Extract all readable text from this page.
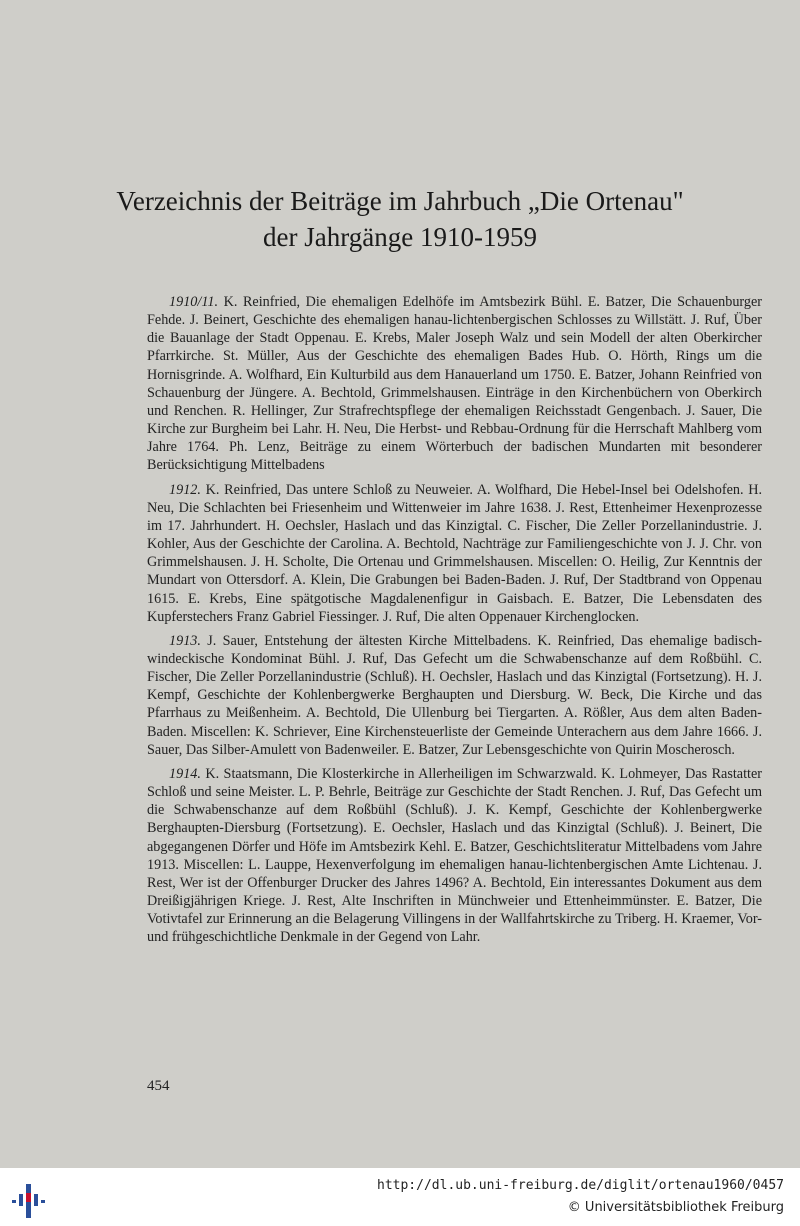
Verzeichnis der Beiträge im Jahrbuch „Die Ortenau"
der Jahrgänge 1910-1959

1910/11. K. Reinfried, Die ehemaligen Edelhöfe im Amtsbezirk Bühl. E. Batzer, Die Schauenburger Fehde. J. Beinert, Geschichte des ehemaligen hanau-lichtenbergischen Schlosses zu Willstätt. J. Ruf, Über die Bauanlage der Stadt Oppenau. E. Krebs, Maler Joseph Walz und sein Modell der alten Oberkircher Pfarrkirche. St. Müller, Aus der Geschichte des ehemaligen Bades Hub. O. Hörth, Rings um die Hornisgrinde. A. Wolfhard, Ein Kulturbild aus dem Hanauerland um 1750. E. Batzer, Johann Reinfried von Schauenburg der Jüngere. A. Bechtold, Grimmelshausen. Einträge in den Kirchenbüchern von Oberkirch und Renchen. R. Hellinger, Zur Strafrechtspflege der ehemaligen Reichsstadt Gengenbach. J. Sauer, Die Kirche zur Burgheim bei Lahr. H. Neu, Die Herbst- und Rebbau-Ordnung für die Herrschaft Mahlberg vom Jahre 1764. Ph. Lenz, Beiträge zu einem Wörterbuch der badischen Mundarten mit besonderer Berücksichtigung Mittelbadens

1912. K. Reinfried, Das untere Schloß zu Neuweier. A. Wolfhard, Die Hebel-Insel bei Odelshofen. H. Neu, Die Schlachten bei Friesenheim und Wittenweier im Jahre 1638. J. Rest, Ettenheimer Hexenprozesse im 17. Jahrhundert. H. Oechsler, Haslach und das Kinzigtal. C. Fischer, Die Zeller Porzellanindustrie. J. Kohler, Aus der Geschichte der Carolina. A. Bechtold, Nachträge zur Familiengeschichte von J. J. Chr. von Grimmelshausen. J. H. Scholte, Die Ortenau und Grimmelshausen. Miscellen: O. Heilig, Zur Kenntnis der Mundart von Ottersdorf. A. Klein, Die Grabungen bei Baden-Baden. J. Ruf, Der Stadtbrand von Oppenau 1615. E. Krebs, Eine spätgotische Magdalenenfigur in Gaisbach. E. Batzer, Die Lebensdaten des Kupferstechers Franz Gabriel Fiessinger. J. Ruf, Die alten Oppenauer Kirchenglocken.

1913. J. Sauer, Entstehung der ältesten Kirche Mittelbadens. K. Reinfried, Das ehemalige badisch-windeckische Kondominat Bühl. J. Ruf, Das Gefecht um die Schwabenschanze auf dem Roßbühl. C. Fischer, Die Zeller Porzellanindustrie (Schluß). H. Oechsler, Haslach und das Kinzigtal (Fortsetzung). H. J. Kempf, Geschichte der Kohlenbergwerke Berghaupten und Diersburg. W. Beck, Die Kirche und das Pfarrhaus zu Meißenheim. A. Bechtold, Die Ullenburg bei Tiergarten. A. Rößler, Aus dem alten Baden-Baden. Miscellen: K. Schriever, Eine Kirchensteuerliste der Gemeinde Unterachern aus dem Jahre 1666. J. Sauer, Das Silber-Amulett von Badenweiler. E. Batzer, Zur Lebensgeschichte von Quirin Moscherosch.

1914. K. Staatsmann, Die Klosterkirche in Allerheiligen im Schwarzwald. K. Lohmeyer, Das Rastatter Schloß und seine Meister. L. P. Behrle, Beiträge zur Geschichte der Stadt Renchen. J. Ruf, Das Gefecht um die Schwabenschanze auf dem Roßbühl (Schluß). J. K. Kempf, Geschichte der Kohlenbergwerke Berghaupten-Diersburg (Fortsetzung). E. Oechsler, Haslach und das Kinzigtal (Schluß). J. Beinert, Die abgegangenen Dörfer und Höfe im Amtsbezirk Kehl. E. Batzer, Geschichtsliteratur Mittelbadens vom Jahre 1913. Miscellen: L. Lauppe, Hexenverfolgung im ehemaligen hanau-lichtenbergischen Amte Lichtenau. J. Rest, Wer ist der Offenburger Drucker des Jahres 1496? A. Bechtold, Ein interessantes Dokument aus dem Dreißigjährigen Kriege. J. Rest, Alte Inschriften in Münchweier und Ettenheimmünster. E. Batzer, Die Votivtafel zur Erinnerung an die Belagerung Villingens in der Wallfahrtskirche zu Triberg. H. Kraemer, Vor- und frühgeschichtliche Denkmale in der Gegend von Lahr.

454
http://dl.ub.uni-freiburg.de/diglit/ortenau1960/0457
© Universitätsbibliothek Freiburg
